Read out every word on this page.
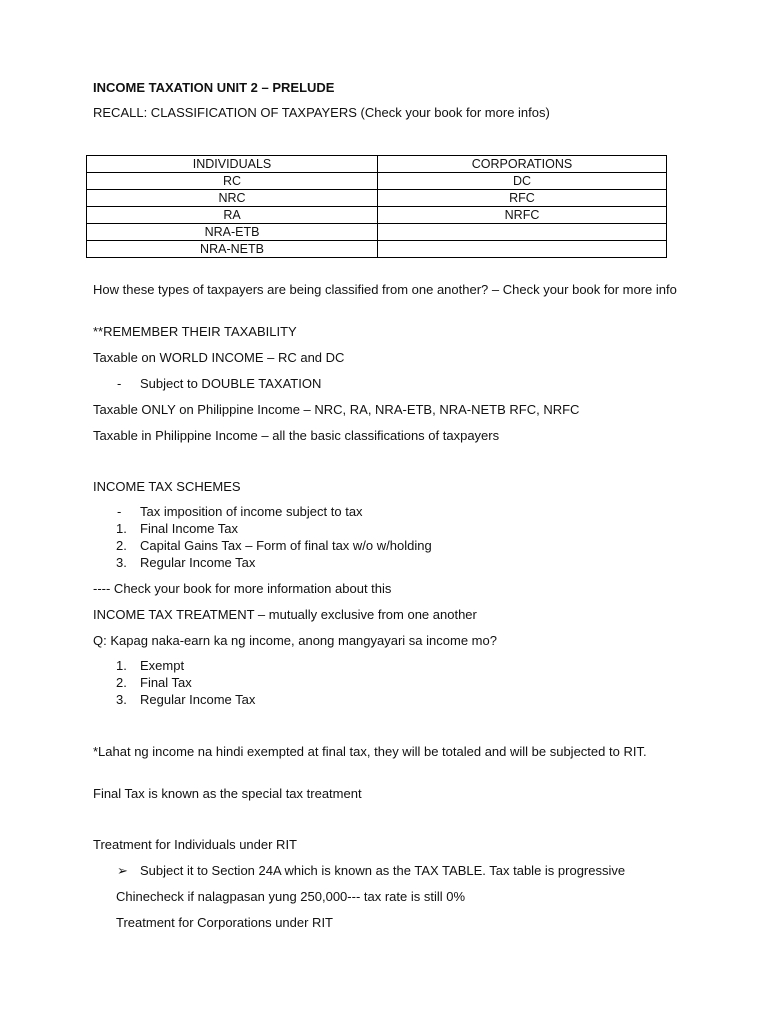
INCOME TAXATION UNIT 2 – PRELUDE
RECALL: CLASSIFICATION OF TAXPAYERS (Check your book for more infos)
INDIVIDUALS	CORPORATIONS
RC	DC
NRC	RFC
RA	NRFC
NRA-ETB	
NRA-NETB	
How these types of taxpayers are being classified from one another? – Check your book for more info
**REMEMBER THEIR TAXABILITY
Taxable on WORLD INCOME – RC and DC
- Subject to DOUBLE TAXATION
Taxable ONLY on Philippine Income – NRC, RA, NRA-ETB, NRA-NETB RFC, NRFC
Taxable in Philippine Income – all the basic classifications of taxpayers
INCOME TAX SCHEMES
- Tax imposition of income subject to tax
1. Final Income Tax
2. Capital Gains Tax – Form of final tax w/o w/holding
3. Regular Income Tax
---- Check your book for more information about this
INCOME TAX TREATMENT – mutually exclusive from one another
Q: Kapag naka-earn ka ng income, anong mangyayari sa income mo?
1. Exempt
2. Final Tax
3. Regular Income Tax
*Lahat ng income na hindi exempted at final tax, they will be totaled and will be subjected to RIT.
Final Tax is known as the special tax treatment
Treatment for Individuals under RIT
➢ Subject it to Section 24A which is known as the TAX TABLE. Tax table is progressive
Chinecheck if nalagpasan yung 250,000--- tax rate is still 0%
Treatment for Corporations under RIT
